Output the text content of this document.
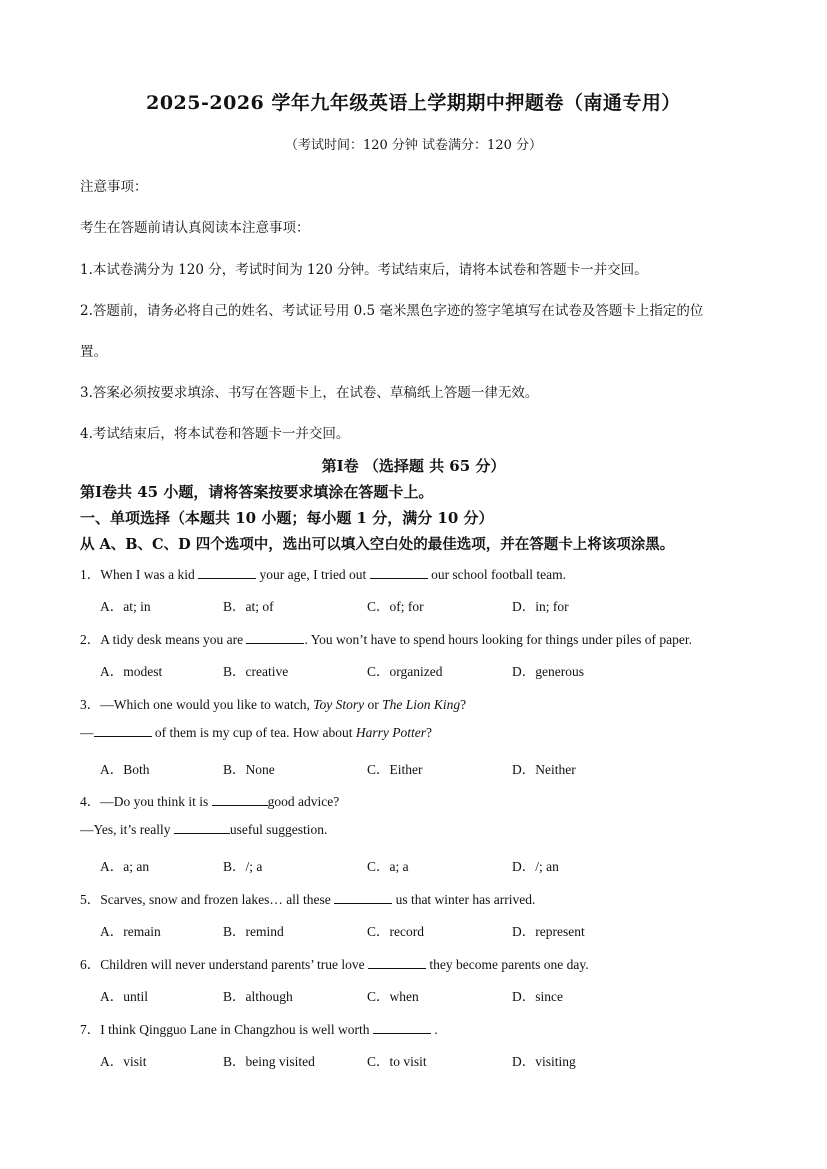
2025-2026 学年九年级英语上学期期中押题卷（南通专用）
（考试时间：120 分钟 试卷满分：120 分）
注意事项：
考生在答题前请认真阅读本注意事项：
1.本试卷满分为 120 分，考试时间为 120 分钟。考试结束后，请将本试卷和答题卡一并交回。
2.答题前，请务必将自己的姓名、考试证号用 0.5 毫米黑色字迹的签字笔填写在试卷及答题卡上指定的位
置。
3.答案必须按要求填涂、书写在答题卡上，在试卷、草稿纸上答题一律无效。
4.考试结束后，将本试卷和答题卡一并交回。
第Ⅰ卷 （选择题 共 65 分）
第Ⅰ卷共 45 小题，请将答案按要求填涂在答题卡上。
一、单项选择（本题共 10 小题；每小题 1 分，满分 10 分）
从 A、B、C、D 四个选项中，选出可以填入空白处的最佳选项，并在答题卡上将该项涂黑。
1．When I was a kid	your age, I tried out	our school football team.
A．at; in	B．at; of	C．of; for	D．in; for
2．A tidy desk means you are	. You won’t have to spend hours looking for things under piles of paper.
A．modest	B．creative	C．organized	D．generous
3．—Which one would you like to watch, Toy Story or The Lion King?
—	of them is my cup of tea. How about Harry Potter?
A．Both	B．None	C．Either	D．Neither
4．—Do you think it is	good advice?
—Yes, it’s really	useful suggestion.
A．a; an	B．/; a	C．a; a	D．/; an
5．Scarves, snow and frozen lakes… all these	us that winter has arrived.
A．remain	B．remind	C．record	D．represent
6．Children will never understand parents’ true love	they become parents one day.
A．until	B．although	C．when	D．since
7．I think Qingguo Lane in Changzhou is well worth	.
A．visit	B．being visited	C．to visit	D．visiting
